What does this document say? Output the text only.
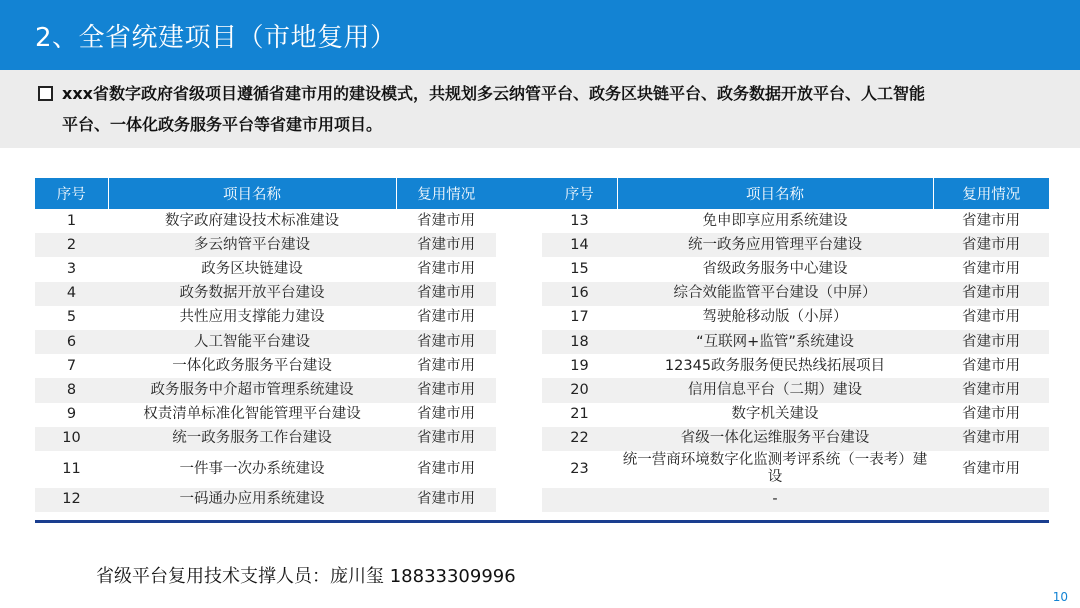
2、全省统建项目（市地复用）
xxx省数字政府省级项目遵循省建市用的建设模式，共规划多云纳管平台、政务区块链平台、政务数据开放平台、人工智能
平台、一体化政务服务平台等省建市用项目。
序号	项目名称	复用情况
1	数字政府建设技术标准建设	省建市用
2	多云纳管平台建设	省建市用
3	政务区块链建设	省建市用
4	政务数据开放平台建设	省建市用
5	共性应用支撑能力建设	省建市用
6	人工智能平台建设	省建市用
7	一体化政务服务平台建设	省建市用
8	政务服务中介超市管理系统建设	省建市用
9	权责清单标准化智能管理平台建设	省建市用
10	统一政务服务工作台建设	省建市用
11	一件事一次办系统建设	省建市用
12	一码通办应用系统建设	省建市用
序号	项目名称	复用情况
13	免申即享应用系统建设	省建市用
14	统一政务应用管理平台建设	省建市用
15	省级政务服务中心建设	省建市用
16	综合效能监管平台建设（中屏）	省建市用
17	驾驶舱移动版（小屏）	省建市用
18	“互联网+监管”系统建设	省建市用
19	12345政务服务便民热线拓展项目	省建市用
20	信用信息平台（二期）建设	省建市用
21	数字机关建设	省建市用
22	省级一体化运维服务平台建设	省建市用
23	统一营商环境数字化监测考评系统（一表考）建设	省建市用
	-	
省级平台复用技术支撑人员：庞川玺 18833309996
10
